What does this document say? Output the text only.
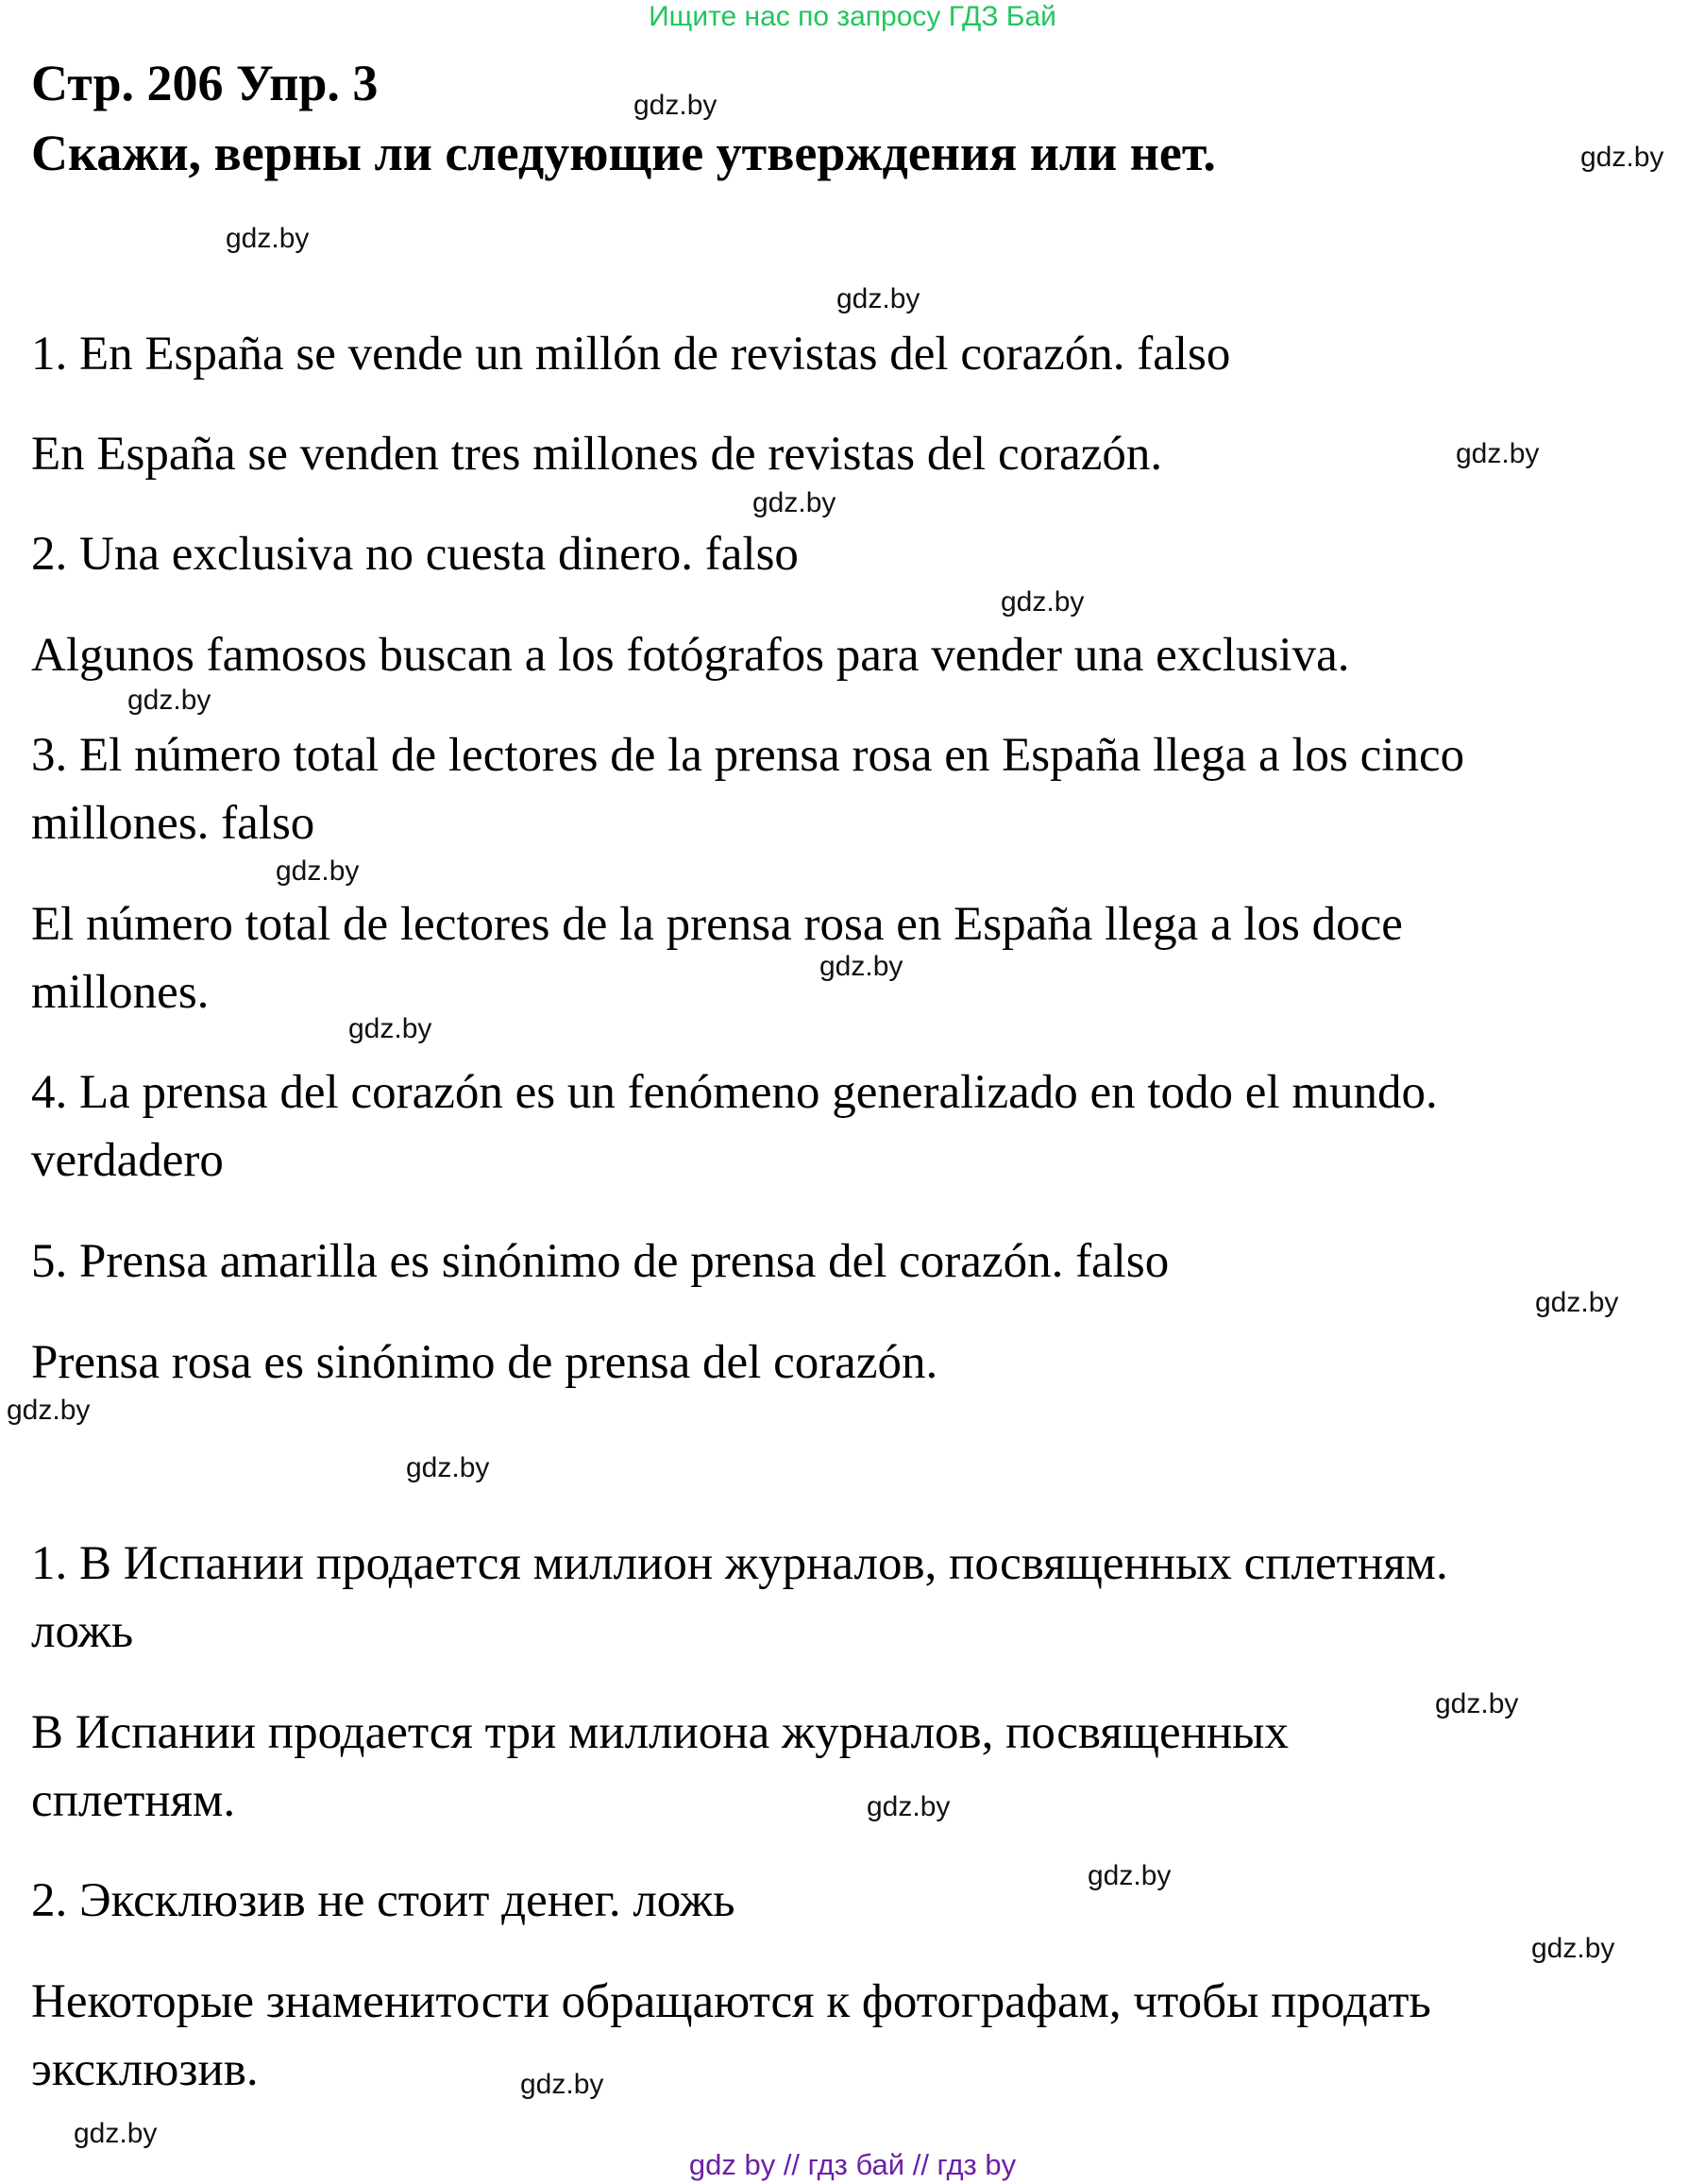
Ищите нас по запросу ГДЗ Бай
Стр. 206 Упр. 3
Скажи, верны ли следующие утверждения или нет.
1. En España se vende un millón de revistas del corazón. falso
En España se venden tres millones de revistas del corazón.
2. Una exclusiva no cuesta dinero. falso
Algunos famosos buscan a los fotógrafos para vender una exclusiva.
3. El número total de lectores de la prensa rosa en España llega a los cinco
millones. falso
El número total de lectores de la prensa rosa en España llega a los doce
millones.
4. La prensa del corazón es un fenómeno generalizado en todo el mundo.
verdadero
5. Prensa amarilla es sinónimo de prensa del corazón. falso
Prensa rosa es sinónimo de prensa del corazón.
1. В Испании продается миллион журналов, посвященных сплетням.
ложь
В Испании продается три миллиона журналов, посвященных
сплетням.
2. Эксклюзив не стоит денег. ложь
Некоторые знаменитости обращаются к фотографам, чтобы продать
эксклюзив.
gdz.by
gdz.by
gdz.by
gdz.by
gdz.by
gdz.by
gdz.by
gdz.by
gdz.by
gdz.by
gdz.by
gdz.by
gdz.by
gdz.by
gdz.by
gdz.by
gdz.by
gdz.by
gdz.by
gdz.by
gdz by // гдз бай // гдз by
